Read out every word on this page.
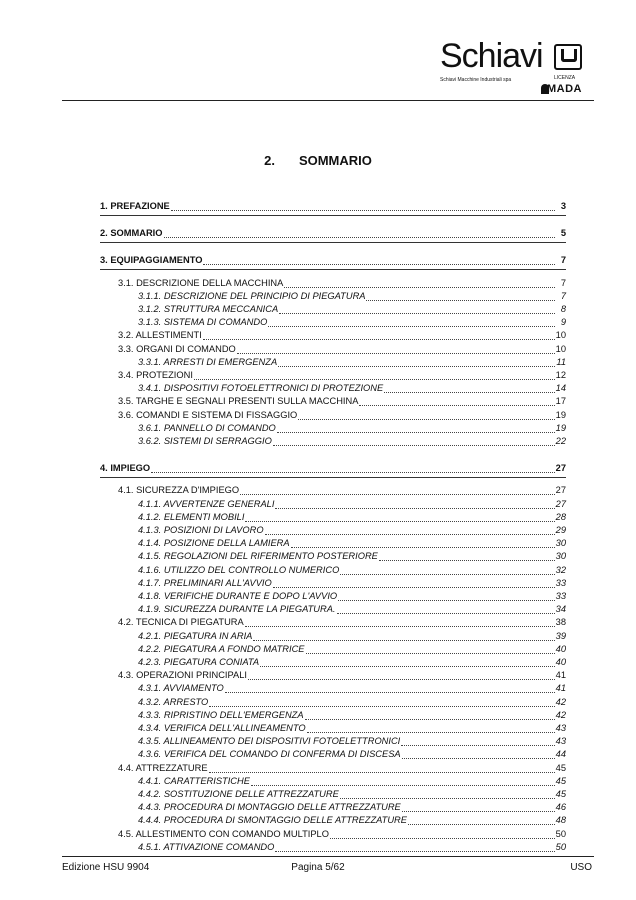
Schiavi
Schiavi Macchine Industriali spa	LICENZA
MADA
2. SOMMARIO
1. PREFAZIONE	3
2. SOMMARIO	5
3. EQUIPAGGIAMENTO	7
3.1. DESCRIZIONE DELLA MACCHINA	7
3.1.1. DESCRIZIONE DEL PRINCIPIO DI PIEGATURA	7
3.1.2. STRUTTURA MECCANICA	8
3.1.3. SISTEMA DI COMANDO	9
3.2. ALLESTIMENTI	10
3.3. ORGANI DI COMANDO	10
3.3.1. ARRESTI DI EMERGENZA	11
3.4. PROTEZIONI	12
3.4.1. DISPOSITIVI FOTOELETTRONICI DI PROTEZIONE	14
3.5. TARGHE E SEGNALI PRESENTI SULLA MACCHINA	17
3.6. COMANDI E SISTEMA DI FISSAGGIO	19
3.6.1. PANNELLO DI COMANDO	19
3.6.2. SISTEMI DI SERRAGGIO	22
4. IMPIEGO	27
4.1. SICUREZZA D'IMPIEGO	27
4.1.1. AVVERTENZE GENERALI	27
4.1.2. ELEMENTI MOBILI	28
4.1.3. POSIZIONI DI LAVORO	29
4.1.4. POSIZIONE DELLA LAMIERA	30
4.1.5. REGOLAZIONI DEL RIFERIMENTO POSTERIORE	30
4.1.6. UTILIZZO DEL CONTROLLO NUMERICO	32
4.1.7. PRELIMINARI ALL'AVVIO	33
4.1.8. VERIFICHE DURANTE E DOPO L'AVVIO	33
4.1.9. SICUREZZA DURANTE LA PIEGATURA.	34
4.2. TECNICA DI PIEGATURA	38
4.2.1. PIEGATURA IN ARIA	39
4.2.2. PIEGATURA A FONDO MATRICE	40
4.2.3. PIEGATURA CONIATA	40
4.3. OPERAZIONI PRINCIPALI	41
4.3.1. AVVIAMENTO	41
4.3.2. ARRESTO	42
4.3.3. RIPRISTINO DELL'EMERGENZA	42
4.3.4. VERIFICA DELL'ALLINEAMENTO	43
4.3.5. ALLINEAMENTO DEI DISPOSITIVI FOTOELETTRONICI	43
4.3.6. VERIFICA DEL COMANDO DI CONFERMA DI DISCESA	44
4.4. ATTREZZATURE	45
4.4.1. CARATTERISTICHE	45
4.4.2. SOSTITUZIONE DELLE ATTREZZATURE	45
4.4.3. PROCEDURA DI MONTAGGIO DELLE ATTREZZATURE	46
4.4.4. PROCEDURA DI SMONTAGGIO DELLE ATTREZZATURE	48
4.5. ALLESTIMENTO CON COMANDO MULTIPLO	50
4.5.1. ATTIVAZIONE COMANDO	50
Edizione HSU 9904	Pagina 5/62	USO
